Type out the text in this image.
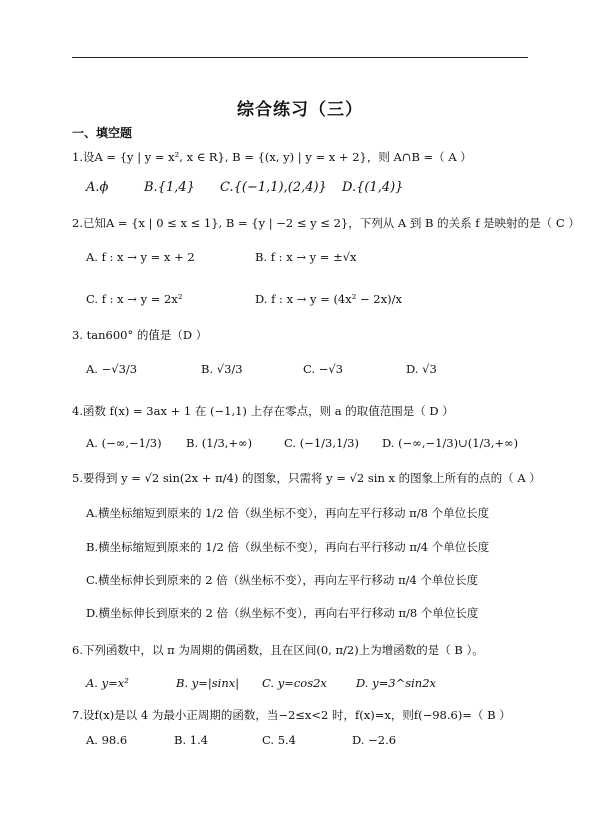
综合练习（三）
一、填空题
1.设A = {y | y = x², x ∈ R}, B = {(x, y) | y = x + 2}，则 A∩B =（ A ）
A.ϕ	B.{1,4} C.{(−1,1),(2,4)} D.{(1,4)}
2.已知A = {x | 0 ≤ x ≤ 1}, B = {y | −2 ≤ y ≤ 2}，下列从 A 到 B 的关系 f 是映射的是（ C ）
A. f : x → y = x + 2	B. f : x → y = ±√x
C. f : x → y = 2x²	D. f : x → y = (4x² − 2x)/x
3. tan600° 的值是（D ）
A. −√3/3	B. √3/3	C. −√3	D. √3
4.函数 f(x) = 3ax + 1 在 (−1,1) 上存在零点，则 a 的取值范围是（ D ）
A. (−∞,−1/3) B. (1/3,+∞)	C. (−1/3,1/3) D. (−∞,−1/3)∪(1/3,+∞)
5.要得到 y = √2 sin(2x + π/4) 的图象，只需将 y = √2 sin x 的图象上所有的点的（ A ）
A.横坐标缩短到原来的 1/2 倍（纵坐标不变），再向左平行移动 π/8 个单位长度
B.横坐标缩短到原来的 1/2 倍（纵坐标不变），再向右平行移动 π/4 个单位长度
C.横坐标伸长到原来的 2 倍（纵坐标不变），再向左平行移动 π/4 个单位长度
D.横坐标伸长到原来的 2 倍（纵坐标不变），再向右平行移动 π/8 个单位长度
6.下列函数中，以 π 为周期的偶函数，且在区间(0, π/2)上为增函数的是（ B ）。
A. y=x²	B. y=|sinx| C. y=cos2x	D. y=3^sin2x
7.设f(x)是以 4 为最小正周期的函数，当−2≤x<2 时，f(x)=x，则f(−98.6)=（ B ）
A. 98.6	B. 1.4	C. 5.4	D. −2.6
